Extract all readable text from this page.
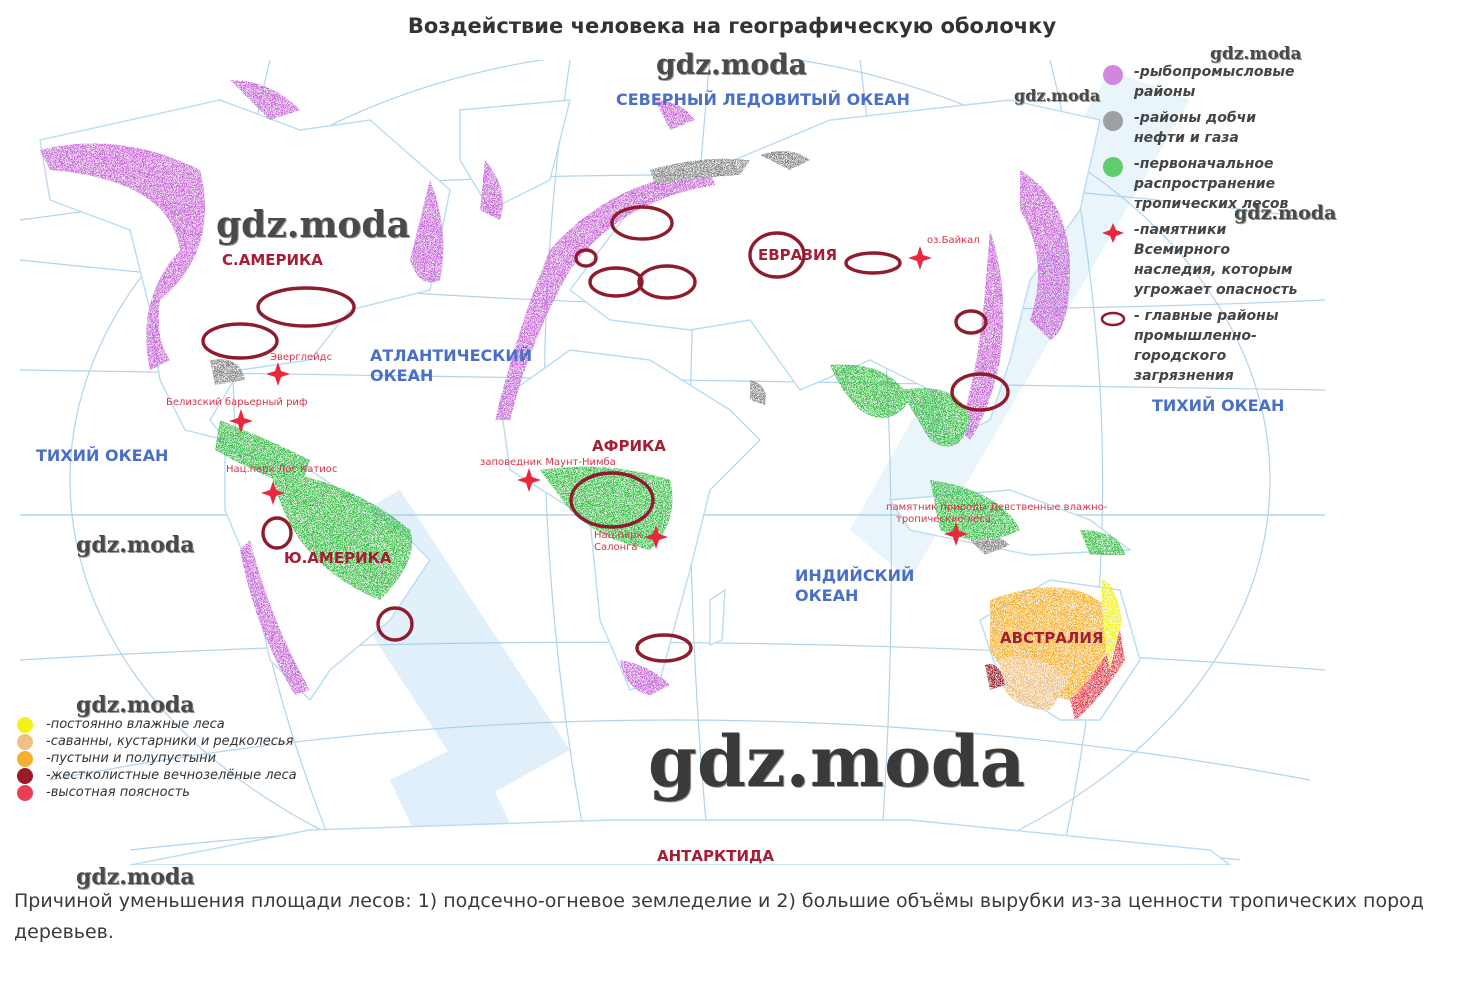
Воздействие человека на географическую оболочку
СЕВЕРНЫЙ ЛЕДОВИТЫЙ ОКЕАН
АТЛАНТИЧЕСКИЙ
ОКЕАН
ТИХИЙ ОКЕАН
ТИХИЙ ОКЕАН
ИНДИЙСКИЙ
ОКЕАН
С.АМЕРИКА
Ю.АМЕРИКА
ЕВРАЗИЯ
АФРИКА
АВСТРАЛИЯ
АНТАРКТИДА
Эверглейдс
Белизский барьерный риф
Нац.парк Лос Катиос
оз.Байкал
заповедник Маунт-Нимба
Нац.парк
Салонга
памятник природы Девственные влажно-
тропические леса
-рыбопромысловые районы
-районы добчи нефти и газа
-первоначальное распространение тропических лесов
-памятники Всемирного наследия, которым угрожает опасность
- главные районы промышленно-городского загрязнения
-постоянно влажные леса
-саванны, кустарники и редколесья
-пустыни и полупустыни
-жестколистные вечнозелёные леса
-высотная поясность
gdz.moda	gdz.moda
gdz.moda
gdz.moda	gdz.moda
gdz.moda
gdz.moda
gdz.moda
gdz.moda
Причиной уменьшения площади лесов: 1) подсечно-огневое земледелие и 2) большие объёмы вырубки из-за ценности тропических пород деревьев.
